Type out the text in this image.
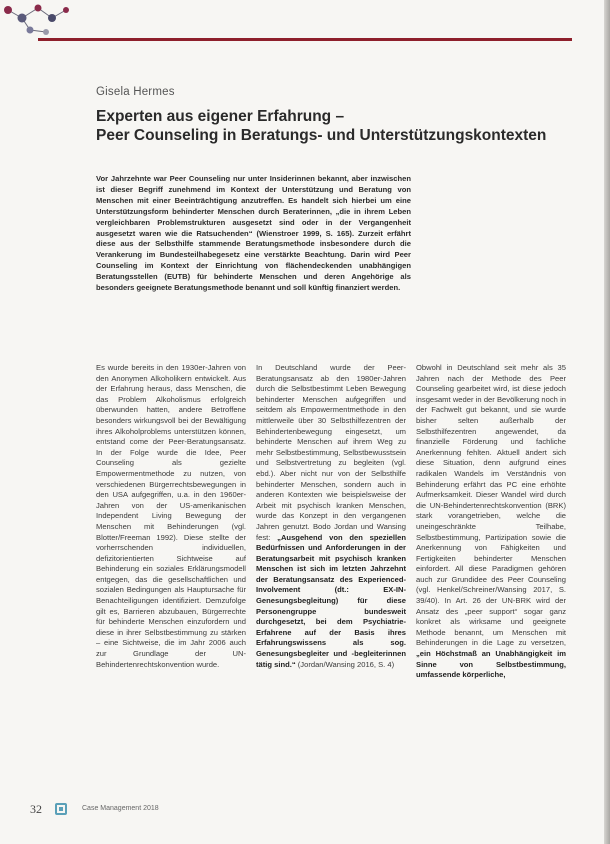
Gisela Hermes
Experten aus eigener Erfahrung –
Peer Counseling in Beratungs- und Unterstützungskontexten
Vor Jahrzehnte war Peer Counseling nur unter Insiderinnen bekannt, aber inzwischen ist dieser Begriff zunehmend im Kontext der Unterstützung und Beratung von Menschen mit einer Beeinträchtigung anzutreffen. Es handelt sich hierbei um eine Unterstützungsform behinderter Menschen durch Beraterinnen, „die in ihrem Leben vergleichbaren Problemstrukturen ausgesetzt sind oder in der Vergangenheit ausgesetzt waren wie die Ratsuchenden“ (Wienstroer 1999, S. 165). Zurzeit erfährt diese aus der Selbsthilfe stammende Beratungsmethode insbesondere durch die Verankerung im Bundesteilhabegesetz eine verstärkte Beachtung. Darin wird Peer Counseling im Kontext der Einrichtung von flächendeckenden unabhängigen Beratungsstellen (EUTB) für behinderte Menschen und deren Angehörige als besonders geeignete Beratungsmethode benannt und soll künftig finanziert werden.

Es wurde bereits in den 1930er-Jahren von den Anonymen Alkoholikern entwickelt. Aus der Erfahrung heraus, dass Menschen, die das Problem Alkoholismus erfolgreich überwunden hatten, andere Betroffene besonders wirkungsvoll bei der Bewältigung ihres Alkoholproblems unterstützen können, entstand come der Peer-Beratungsansatz. In der Folge wurde die Idee, Peer Counseling als gezielte Empowermentmethode zu nutzen, von verschiedenen Bürgerrechtsbewegungen in den USA aufgegriffen, u.a. in den 1960er-Jahren von der US-amerikanischen Independent Living Bewegung der Menschen mit Behinderungen (vgl. Blotter/Freeman 1992). Diese stellte der vorherrschenden individuellen, defizitorientierten Sichtweise auf Behinderung ein soziales Erklärungsmodell entgegen, das die gesellschaftlichen und sozialen Bedingungen als Hauptursache für Benachteiligungen identifiziert. Demzufolge gilt es, Barrieren abzubauen, Bürgerrechte für behinderte Menschen einzufordern und diese in ihrer Selbstbestimmung zu stärken – eine Sichtweise, die im Jahr 2006 auch zur Grundlage der UN-Behindertenrechtskonvention wurde.

In Deutschland wurde der Peer-Beratungsansatz ab den 1980er-Jahren durch die Selbstbestimmt Leben Bewegung behinderter Menschen aufgegriffen und seitdem als Empowermentmethode in den mittlerweile über 30 Selbsthilfezentren der Behindertenbewegung eingesetzt, um behinderte Menschen auf ihrem Weg zu mehr Selbstbestimmung, Selbstbewusstsein und Selbstvertretung zu begleiten (vgl. ebd.). Aber nicht nur von der Selbsthilfe behinderter Menschen, sondern auch in anderen Kontexten wie beispielsweise der Arbeit mit psychisch kranken Menschen, wurde das Konzept in den vergangenen Jahren genutzt. Bodo Jordan und Wansing fest: „Ausgehend von den speziellen Bedürfnissen und Anforderungen in der Beratungsarbeit mit psychisch kranken Menschen ist sich im letzten Jahrzehnt der Beratungsansatz des Experienced-Involvement (dt.: EX-IN-Genesungsbegleitung) für diese Personengruppe bundesweit durchgesetzt, bei dem Psychiatrie-Erfahrene auf der Basis ihres Erfahrungswissens als sog. Genesungsbegleiter und -begleiterinnen tätig sind.“ (Jordan/Wansing 2016, S. 4)

Obwohl in Deutschland seit mehr als 35 Jahren nach der Methode des Peer Counseling gearbeitet wird, ist diese jedoch insgesamt weder in der Bevölkerung noch in der Fachwelt gut bekannt, und sie wurde bisher selten außerhalb der Selbsthilfezentren angewendet, da finanzielle Förderung und fachliche Anerkennung fehlten. Aktuell ändert sich diese Situation, denn aufgrund eines radikalen Wandels im Verständnis von Behinderung erfährt das PC eine erhöhte Aufmerksamkeit. Dieser Wandel wird durch die UN-Behindertenrechtskonvention (BRK) stark vorangetrieben, welche die uneingeschränkte Teilhabe, Selbstbestimmung, Partizipation sowie die Anerkennung von Fähigkeiten und Fertigkeiten behinderter Menschen einfordert. All diese Paradigmen gehören auch zur Grundidee des Peer Counseling (vgl. Henkel/Schreiner/Wansing 2017, S. 39/40). In Art. 26 der UN-BRK wird der Ansatz des „peer support“ sogar ganz konkret als wirksame und geeignete Methode benannt, um Menschen mit Behinderungen in die Lage zu versetzen, „ein Höchstmaß an Unabhängigkeit im Sinne von Selbstbestimmung, umfassende körperliche,

32	Case Management 2018
